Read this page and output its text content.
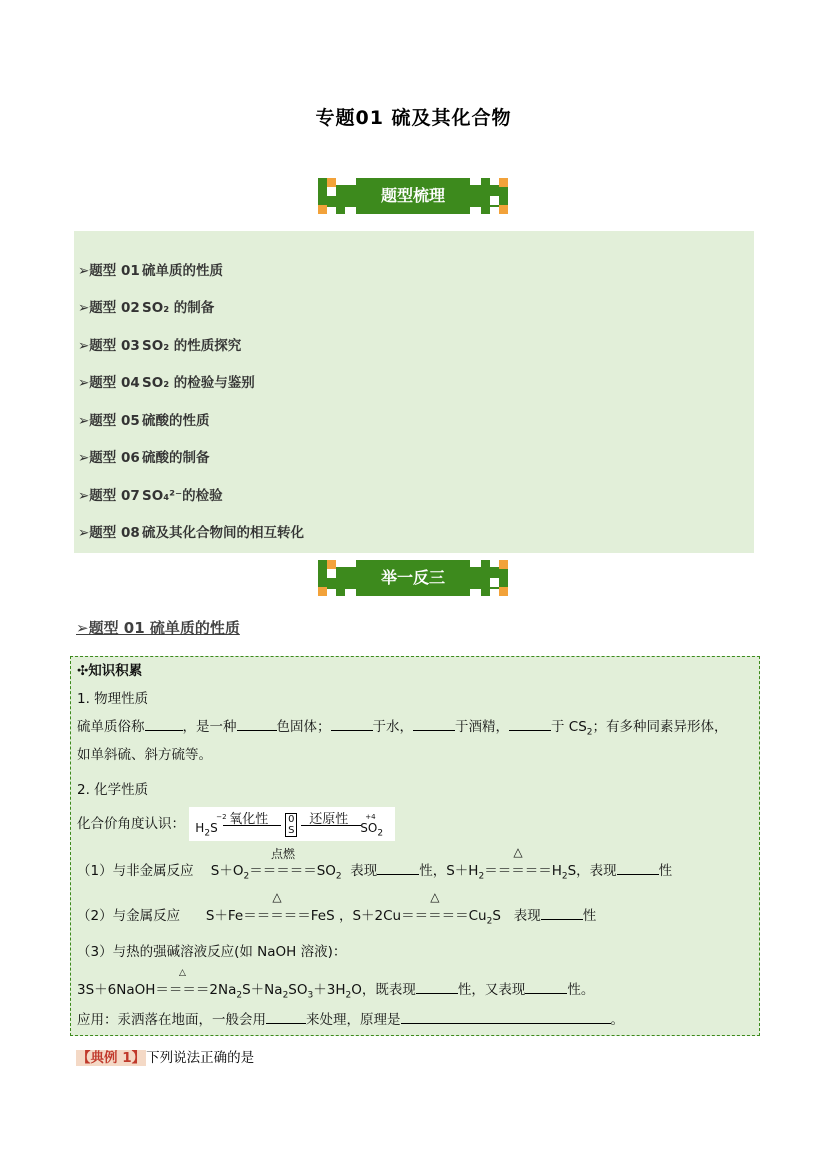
专题01 硫及其化合物
题型梳理
➢题型 01 硫单质的性质
➢题型 02 SO₂ 的制备
➢题型 03 SO₂ 的性质探究
➢题型 04 SO₂ 的检验与鉴别
➢题型 05 硫酸的性质
➢题型 06 硫酸的制备
➢题型 07 SO₄²⁻的检验
➢题型 08 硫及其化合物间的相互转化
举一反三
➢题型 01 硫单质的性质
✣知识积累
1. 物理性质
硫单质俗称	，是一种	色固体；	于水，	于酒精，	于 $CS_2$；有多种同素异形体，
如单斜硫、斜方硫等。
2. 化学性质
化合价角度认识： $H_2S$
−2 氧化性 0
S
还原性
$SO_2$
+4
（1）与非金属反应    $S+O_2=====$
点燃
$SO_2$ 表现	性，$S+H_2=====$
△
$H_2S$，表现	性
（2）与金属反应      S＋Fe＝＝＝＝＝
△
FeS ，S＋2Cu＝＝＝＝＝
△
$Cu_2S$   表现	性
（3）与热的强碱溶液反应(如 NaOH 溶液)：
3S＋6NaOH＝＝＝＝
△
$2Na_2S+Na_2SO_3+3H_2O$，既表现	性，又表现	性。
应用：汞洒落在地面，一般会用	来处理，原理是	。
【典例 1】下列说法正确的是
